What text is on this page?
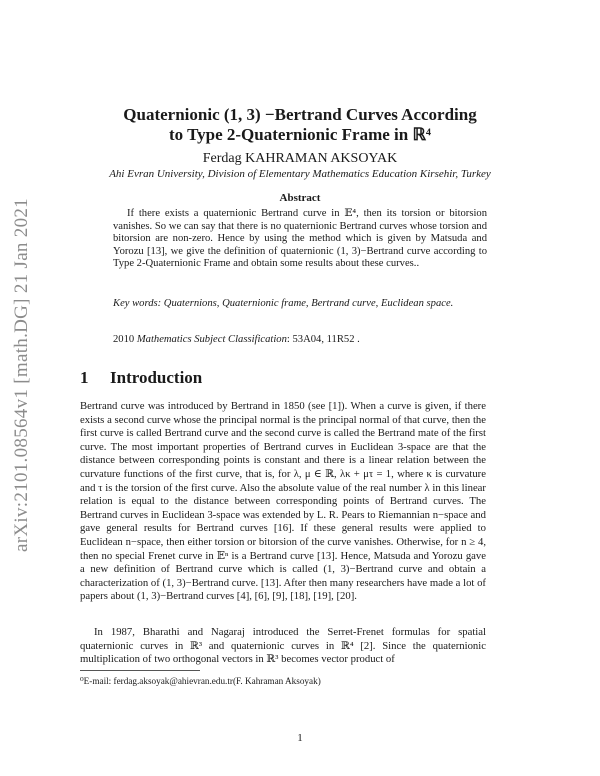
arXiv:2101.08564v1 [math.DG] 21 Jan 2021
Quaternionic (1, 3) −Bertrand Curves According
to Type 2-Quaternionic Frame in ℝ⁴
Ferdag KAHRAMAN AKSOYAK
Ahi Evran University, Division of Elementary Mathematics Education Kirsehir, Turkey
Abstract

If there exists a quaternionic Bertrand curve in 𝔼⁴, then its torsion or bitorsion vanishes. So we can say that there is no quaternionic Bertrand curves whose torsion and bitorsion are non-zero. Hence by using the method which is given by Matsuda and Yorozu [13], we give the definition of quaternionic (1, 3)−Bertrand curve according to Type 2-Quaternionic Frame and obtain some results about these curves..

Key words: Quaternions, Quaternionic frame, Bertrand curve, Euclidean space.

2010 Mathematics Subject Classification: 53A04, 11R52 .
1 Introduction

Bertrand curve was introduced by Bertrand in 1850 (see [1]). When a curve is given, if there exists a second curve whose the principal normal is the principal normal of that curve, then the first curve is called Bertrand curve and the second curve is called the Bertrand mate of the first curve. The most important properties of Bertrand curves in Euclidean 3-space are that the distance between corresponding points is constant and there is a linear relation between the curvature functions of the first curve, that is, for λ, μ ∈ ℝ, λκ + μτ = 1, where κ is curvature and τ is the torsion of the first curve. Also the absolute value of the real number λ in this linear relation is equal to the distance between corresponding points of Bertrand curves. The Bertrand curves in Euclidean 3-space was extended by L. R. Pears to Riemannian n−space and gave general results for Bertrand curves [16]. If these general results were applied to Euclidean n−space, then either torsion or bitorsion of the curve vanishes. Otherwise, for n ≥ 4, then no special Frenet curve in 𝔼ⁿ is a Bertrand curve [13]. Hence, Matsuda and Yorozu gave a new definition of Bertrand curve which is called (1, 3)−Bertrand curve and obtain a characterization of (1, 3)−Bertrand curve. [13]. After then many researchers have made a lot of papers about (1, 3)−Bertrand curves [4], [6], [9], [18], [19], [20].

In 1987, Bharathi and Nagaraj introduced the Serret-Frenet formulas for spatial quaternionic curves in ℝ³ and quaternionic curves in ℝ⁴ [2]. Since the quaternionic multiplication of two orthogonal vectors in ℝ³ becomes vector product of

⁰E-mail: ferdag.aksoyak@ahievran.edu.tr(F. Kahraman Aksoyak)
1
